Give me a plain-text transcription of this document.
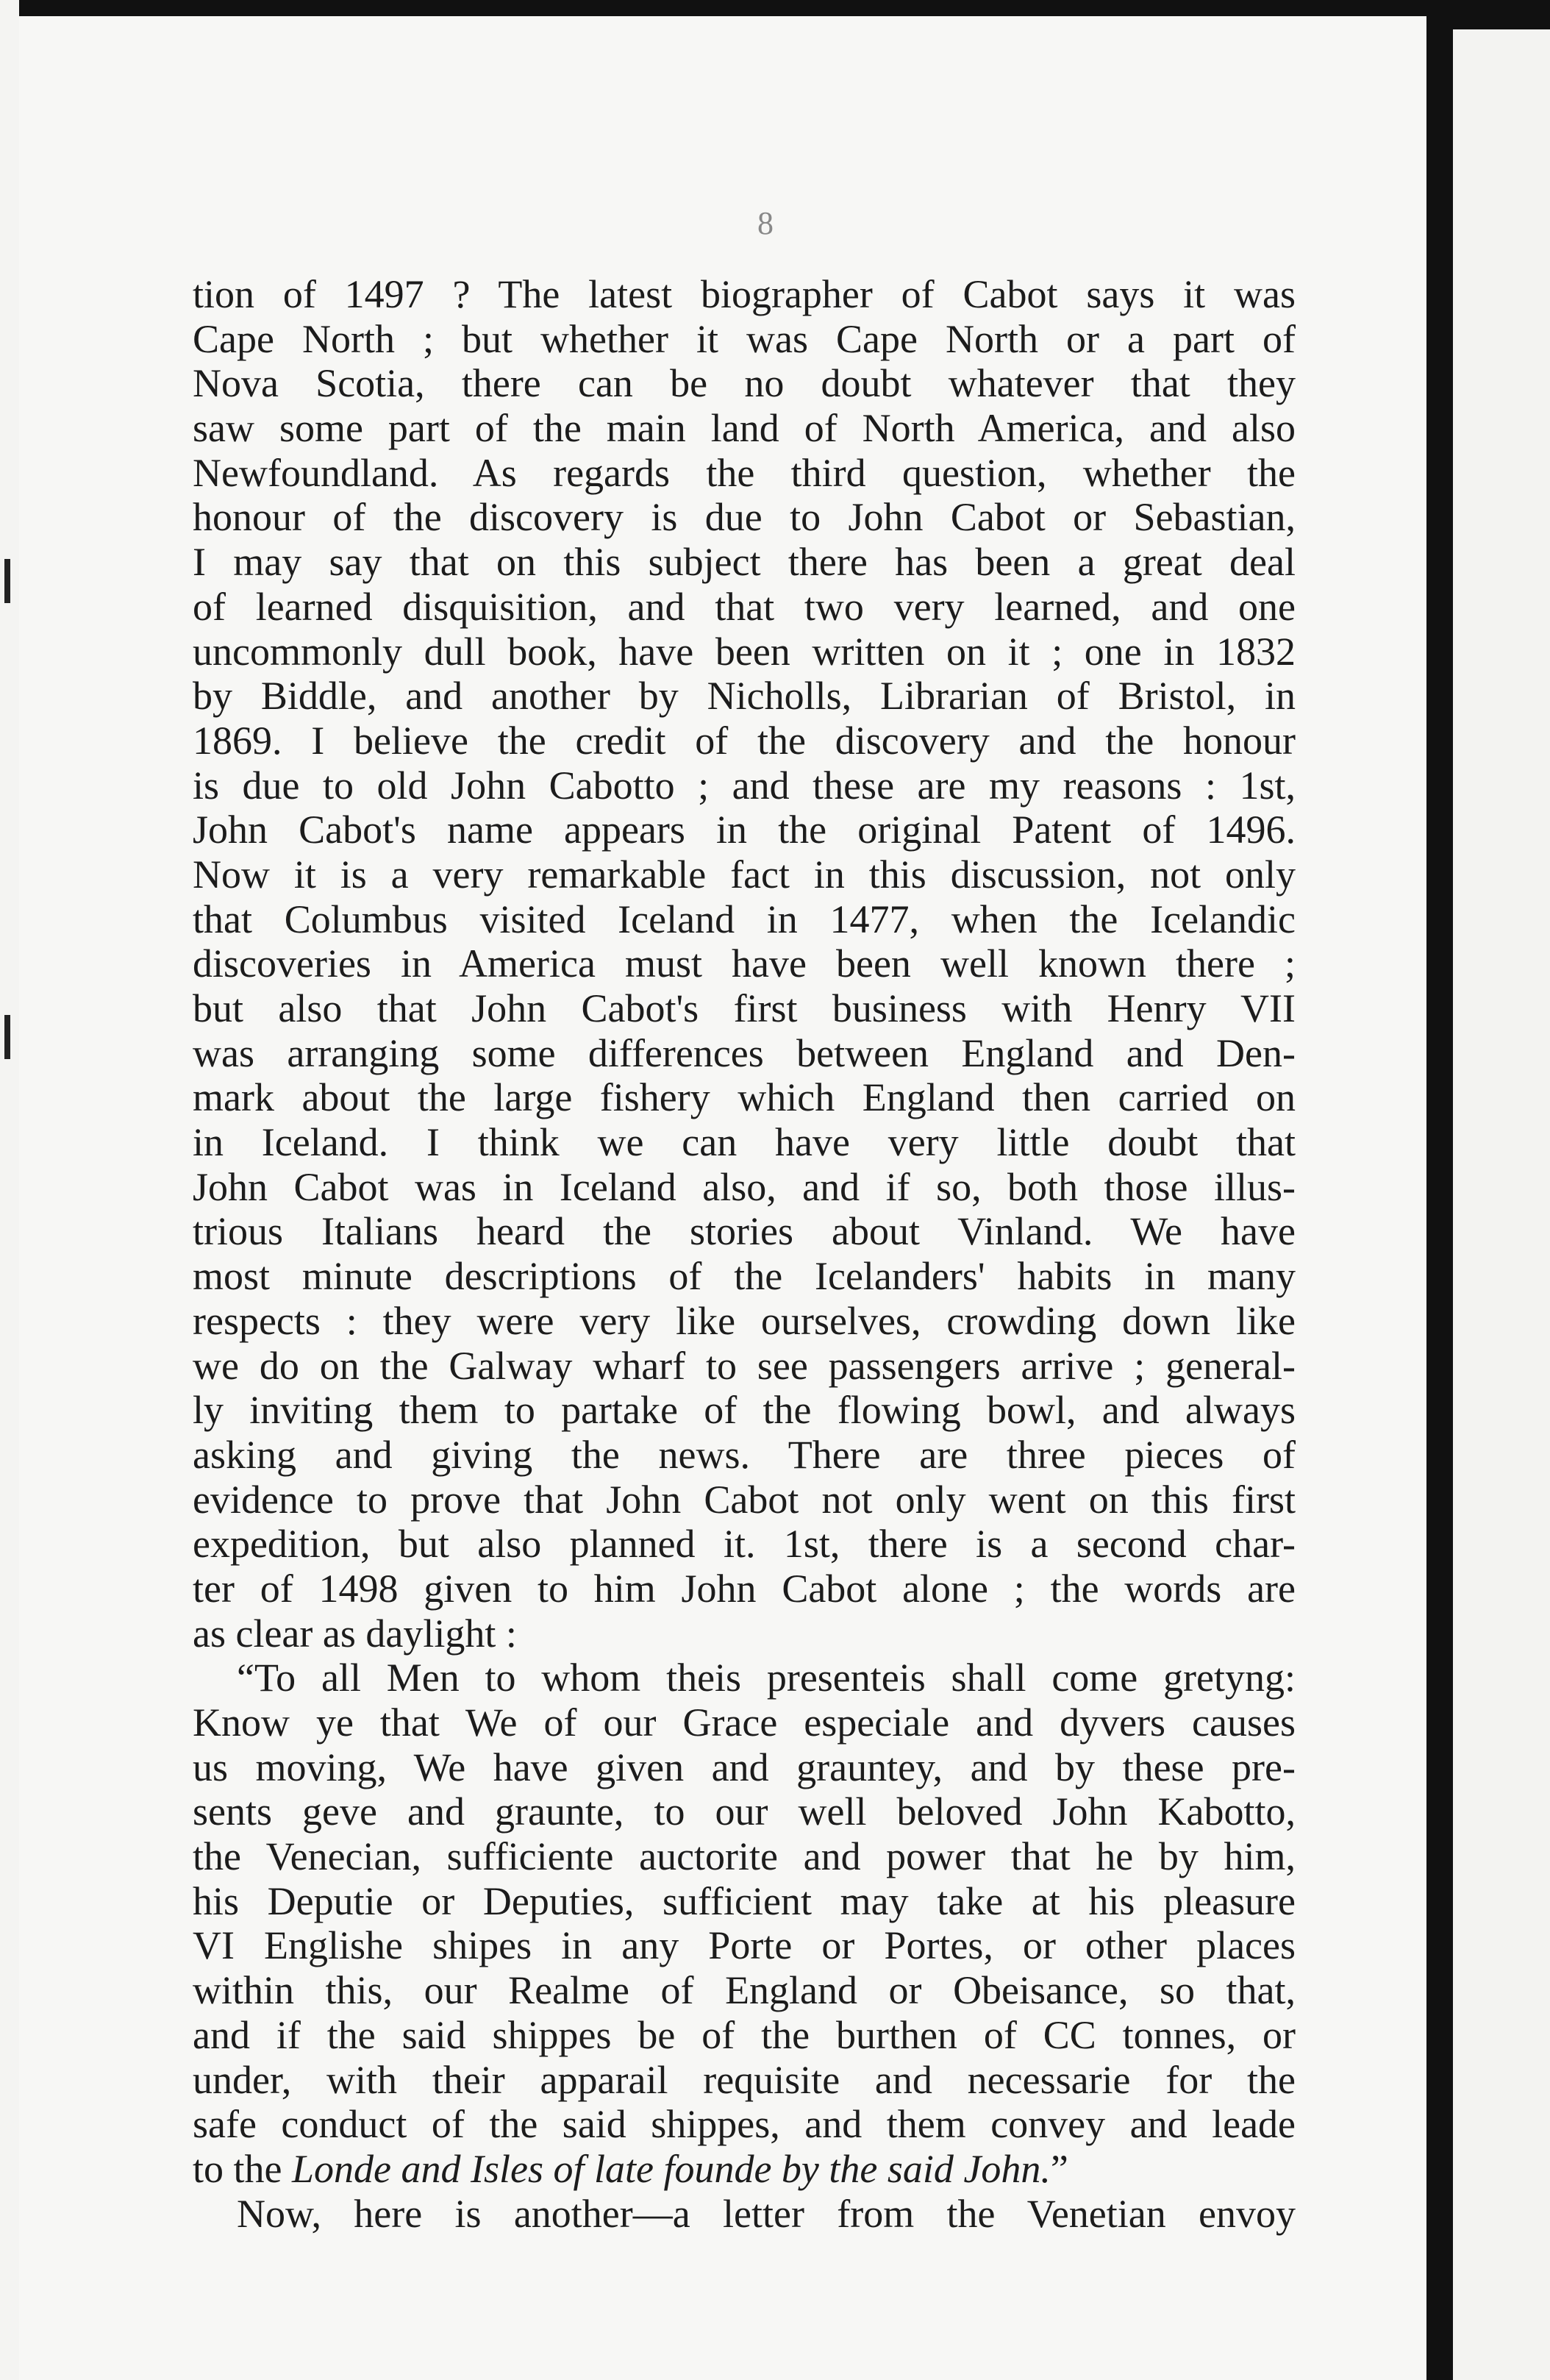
8

tion of 1497 ? The latest biographer of Cabot says it was

Cape North ; but whether it was Cape North or a part of

Nova Scotia, there can be no doubt whatever that they

saw some part of the main land of North America, and also

Newfoundland. As regards the third question, whether the

honour of the discovery is due to John Cabot or Sebastian,

I may say that on this subject there has been a great deal

of learned disquisition, and that two very learned, and one

uncommonly dull book, have been written on it ; one in 1832

by Biddle, and another by Nicholls, Librarian of Bristol, in

1869. I believe the credit of the discovery and the honour

is due to old John Cabotto ; and these are my reasons : 1st,

John Cabot's name appears in the original Patent of 1496.

Now it is a very remarkable fact in this discussion, not only

that Columbus visited Iceland in 1477, when the Icelandic

discoveries in America must have been well known there ;

but also that John Cabot's first business with Henry VII

was arranging some differences between England and Den-

mark about the large fishery which England then carried on

in Iceland. I think we can have very little doubt that

John Cabot was in Iceland also, and if so, both those illus-

trious Italians heard the stories about Vinland. We have

most minute descriptions of the Icelanders' habits in many

respects : they were very like ourselves, crowding down like

we do on the Galway wharf to see passengers arrive ; general-

ly inviting them to partake of the flowing bowl, and always

asking and giving the news. There are three pieces of

evidence to prove that John Cabot not only went on this first

expedition, but also planned it. 1st, there is a second char-

ter of 1498 given to him John Cabot alone ; the words are

as clear as daylight :

“To all Men to whom theis presenteis shall come gretyng:

Know ye that We of our Grace especiale and dyvers causes

us moving, We have given and grauntey, and by these pre-

sents geve and graunte, to our well beloved John Kabotto,

the Venecian, sufficiente auctorite and power that he by him,

his Deputie or Deputies, sufficient may take at his pleasure

VI Englishe shipes in any Porte or Portes, or other places

within this, our Realme of England or Obeisance, so that,

and if the said shippes be of the burthen of CC tonnes, or

under, with their apparail requisite and necessarie for the

safe conduct of the said shippes, and them convey and leade

to the Londe and Isles of late founde by the said John.”

Now, here is another—a letter from the Venetian envoy
